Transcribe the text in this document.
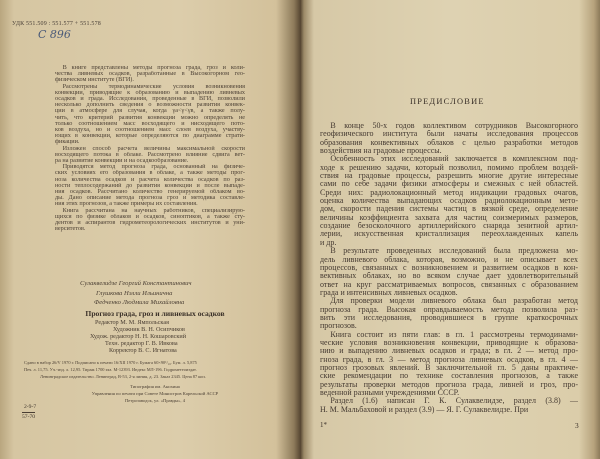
УДК 551.509 : 551.577 + 551.578
С 896
В книге представлены методы прогноза града, гроз и коли-
чества ливневых осадков, разработанные в Высокогорном гео-
физическом институте (ВГИ).
Рассмотрены термодинамические условия возникновения
конвекции, приводящие к образованию и выпадению ливневых
осадков и града. Исследования, проведенные в ВГИ, позволили
несколько дополнить сведения о возможности развития конвек-
ции в атмосфере для случая, когда γа<γ<γв, а также полу-
чить, что критерий развития конвекции можно определять не
только соотношением масс восходящего и нисходящего пото-
ков воздуха, но и соотношением масс слоев воздуха, участву-
ющих в конвекции, которые определяются по диаграмме страти-
фикации.
Изложен способ расчета величины максимальной скорости
восходящего потока в облаке. Рассмотрено влияние сдвига вет-
ра на развитие конвекции и на осадкообразование.
Приводятся метод прогноза града, основанный на физиче-
ских условиях его образования в облаке, а также методы прог-
ноза количества осадков и расчета количества осадков по раз-
ности теплосодержаний до развития конвекции и после выпаде-
ния осадков. Рассчитано количество генерируемой облаком во-
ды. Дано описание метода прогноза гроз и методика составле-
ния этих прогнозов, а также примеры их составления.
Книга рассчитана на научных работников, специализирую-
щихся по физике облаков и осадков, синоптиков, а также сту-
дентов и аспирантов гидрометеорологических институтов и уни-
верситетов.
Сулаквелидзе Георгий Константинович
Глушкова Нэлли Ильинична
Федченко Людмила Михайловна
Прогноз града, гроз и ливневых осадков
Редактор М. М. Ямпольская
Художник В. Н. Осипчиков
Худож. редактор Н. Н. Кошаровский
Техн. редактор Г. В. Ивкова
Корректор В. С. Игнатова
Сдано в набор 26/V 1970 г. Подписано к печати 16/XII 1970 г. Бумага 60×90¹/₁₆. Бум. л. 5,875
Печ. л. 11,75. Уч.-изд. л. 12,95. Тираж 1700 экз. М-12393. Индекс МЛ-196. Гидрометеоиздат.
Ленинградское издательство. Ленинград, В-53, 2-я линия, д. 23. Заказ 2345. Цена 87 коп.
Типография им. Анохина
Управления по печати при Совете Министров Карельской АССР
Петрозаводск, ул. «Правды», 4
2-9-7
57-70
ПРЕДИСЛОВИЕ
В конце 50-х годов коллективом сотрудников Высокогорного
геофизического института были начаты исследования процессов
образования конвективных облаков с целью разработки методов
воздействия на градовые процессы.
Особенность этих исследований заключается в комплексном под-
ходе к решению задачи, который позволил, помимо проблем воздей-
ствия на градовые процессы, разрешить многие другие интересные
сами по себе задачи физики атмосферы и смежных с ней областей.
Среди них: радиолокационный метод индикации градовых очагов,
оценка количества выпадающих осадков радиолокационным мето-
дом, скорости падения системы частиц в вязкой среде, определение
величины коэффициента захвата для частиц соизмеримых размеров,
создание безосколочного артиллерийского снаряда зенитной артил-
лерии, искусственная кристаллизация переохлажденных капель
и др.
В результате проведенных исследований была предложена мо-
дель ливневого облака, которая, возможно, и не описывает всех
процессов, связанных с возникновением и развитием осадков в кон-
вективных облаках, но во всяком случае дает удовлетворительный
ответ на круг рассматриваемых вопросов, связанных с образованием
града и интенсивных ливневых осадков.
Для проверки модели ливневого облака был разработан метод
прогноза града. Высокая оправдываемость метода позволила раз-
вить эти исследования, проводившиеся в группе краткосрочных
прогнозов.
Книга состоит из пяти глав: в гл. 1 рассмотрены термодинами-
ческие условия возникновения конвекции, приводящие к образова-
нию и выпадению ливневых осадков и града; в гл. 2 — метод про-
гноза града, в гл. 3 — метод прогноза ливневых осадков, в гл. 4 —
прогноз грозовых явлений. В заключительной гл. 5 даны практиче-
ские рекомендации по технике составления прогнозов, а также
результаты проверки методов прогноза града, ливней и гроз, про-
веденной разными учреждениями СССР.
Раздел (1.6) написан Г. К. Сулаквелидзе, раздел (3.8) —
Н. М. Мальбаховой и раздел (3.9) — Я. Г. Сулаквелидзе. При
1*	3
